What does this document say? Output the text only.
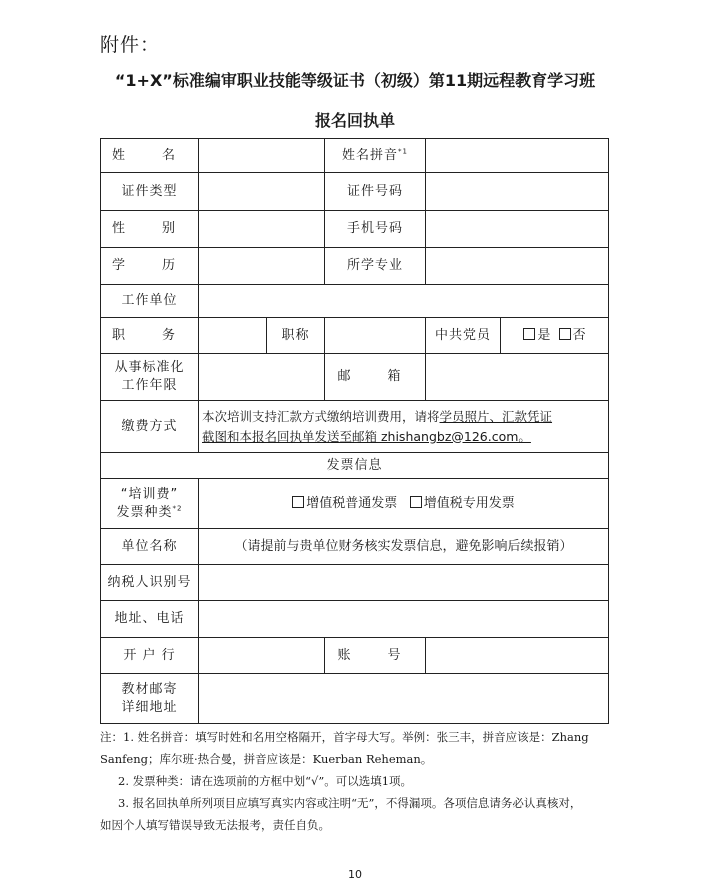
附件：
“1+X”标准编审职业技能等级证书（初级）第11期远程教育学习班
报名回执单
姓　名			姓名拼音$^{*1}$	
证件类型			证件号码		
性　别			手机号码		
学　历			所学专业		
工作单位					
职　务		职称		中共党员	是 否
从事标准化
工作年限			邮　箱		
缴费方式	本次培训支持汇款方式缴纳培训费用，请将学员照片、汇款凭证
截图和本报名回执单发送至邮箱 zhishangbz@126.com。				
发票信息					
“培训费”
发票种类$^{*2}$	增值税普通发票 增值税专用发票				
单位名称	（请提前与贵单位财务核实发票信息，避免影响后续报销）				
纳税人识别号					
地址、电话					
开 户 行			账　号		
教材邮寄
详细地址					

注：1. 姓名拼音：填写时姓和名用空格隔开，首字母大写。举例：张三丰，拼音应该是：Zhang

Sanfeng；库尔班·热合曼，拼音应该是：Kuerban Reheman。

2. 发票种类：请在选项前的方框中划“√”。可以选填1项。

3. 报名回执单所列项目应填写真实内容或注明“无”，不得漏项。各项信息请务必认真核对，

如因个人填写错误导致无法报考，责任自负。

10
